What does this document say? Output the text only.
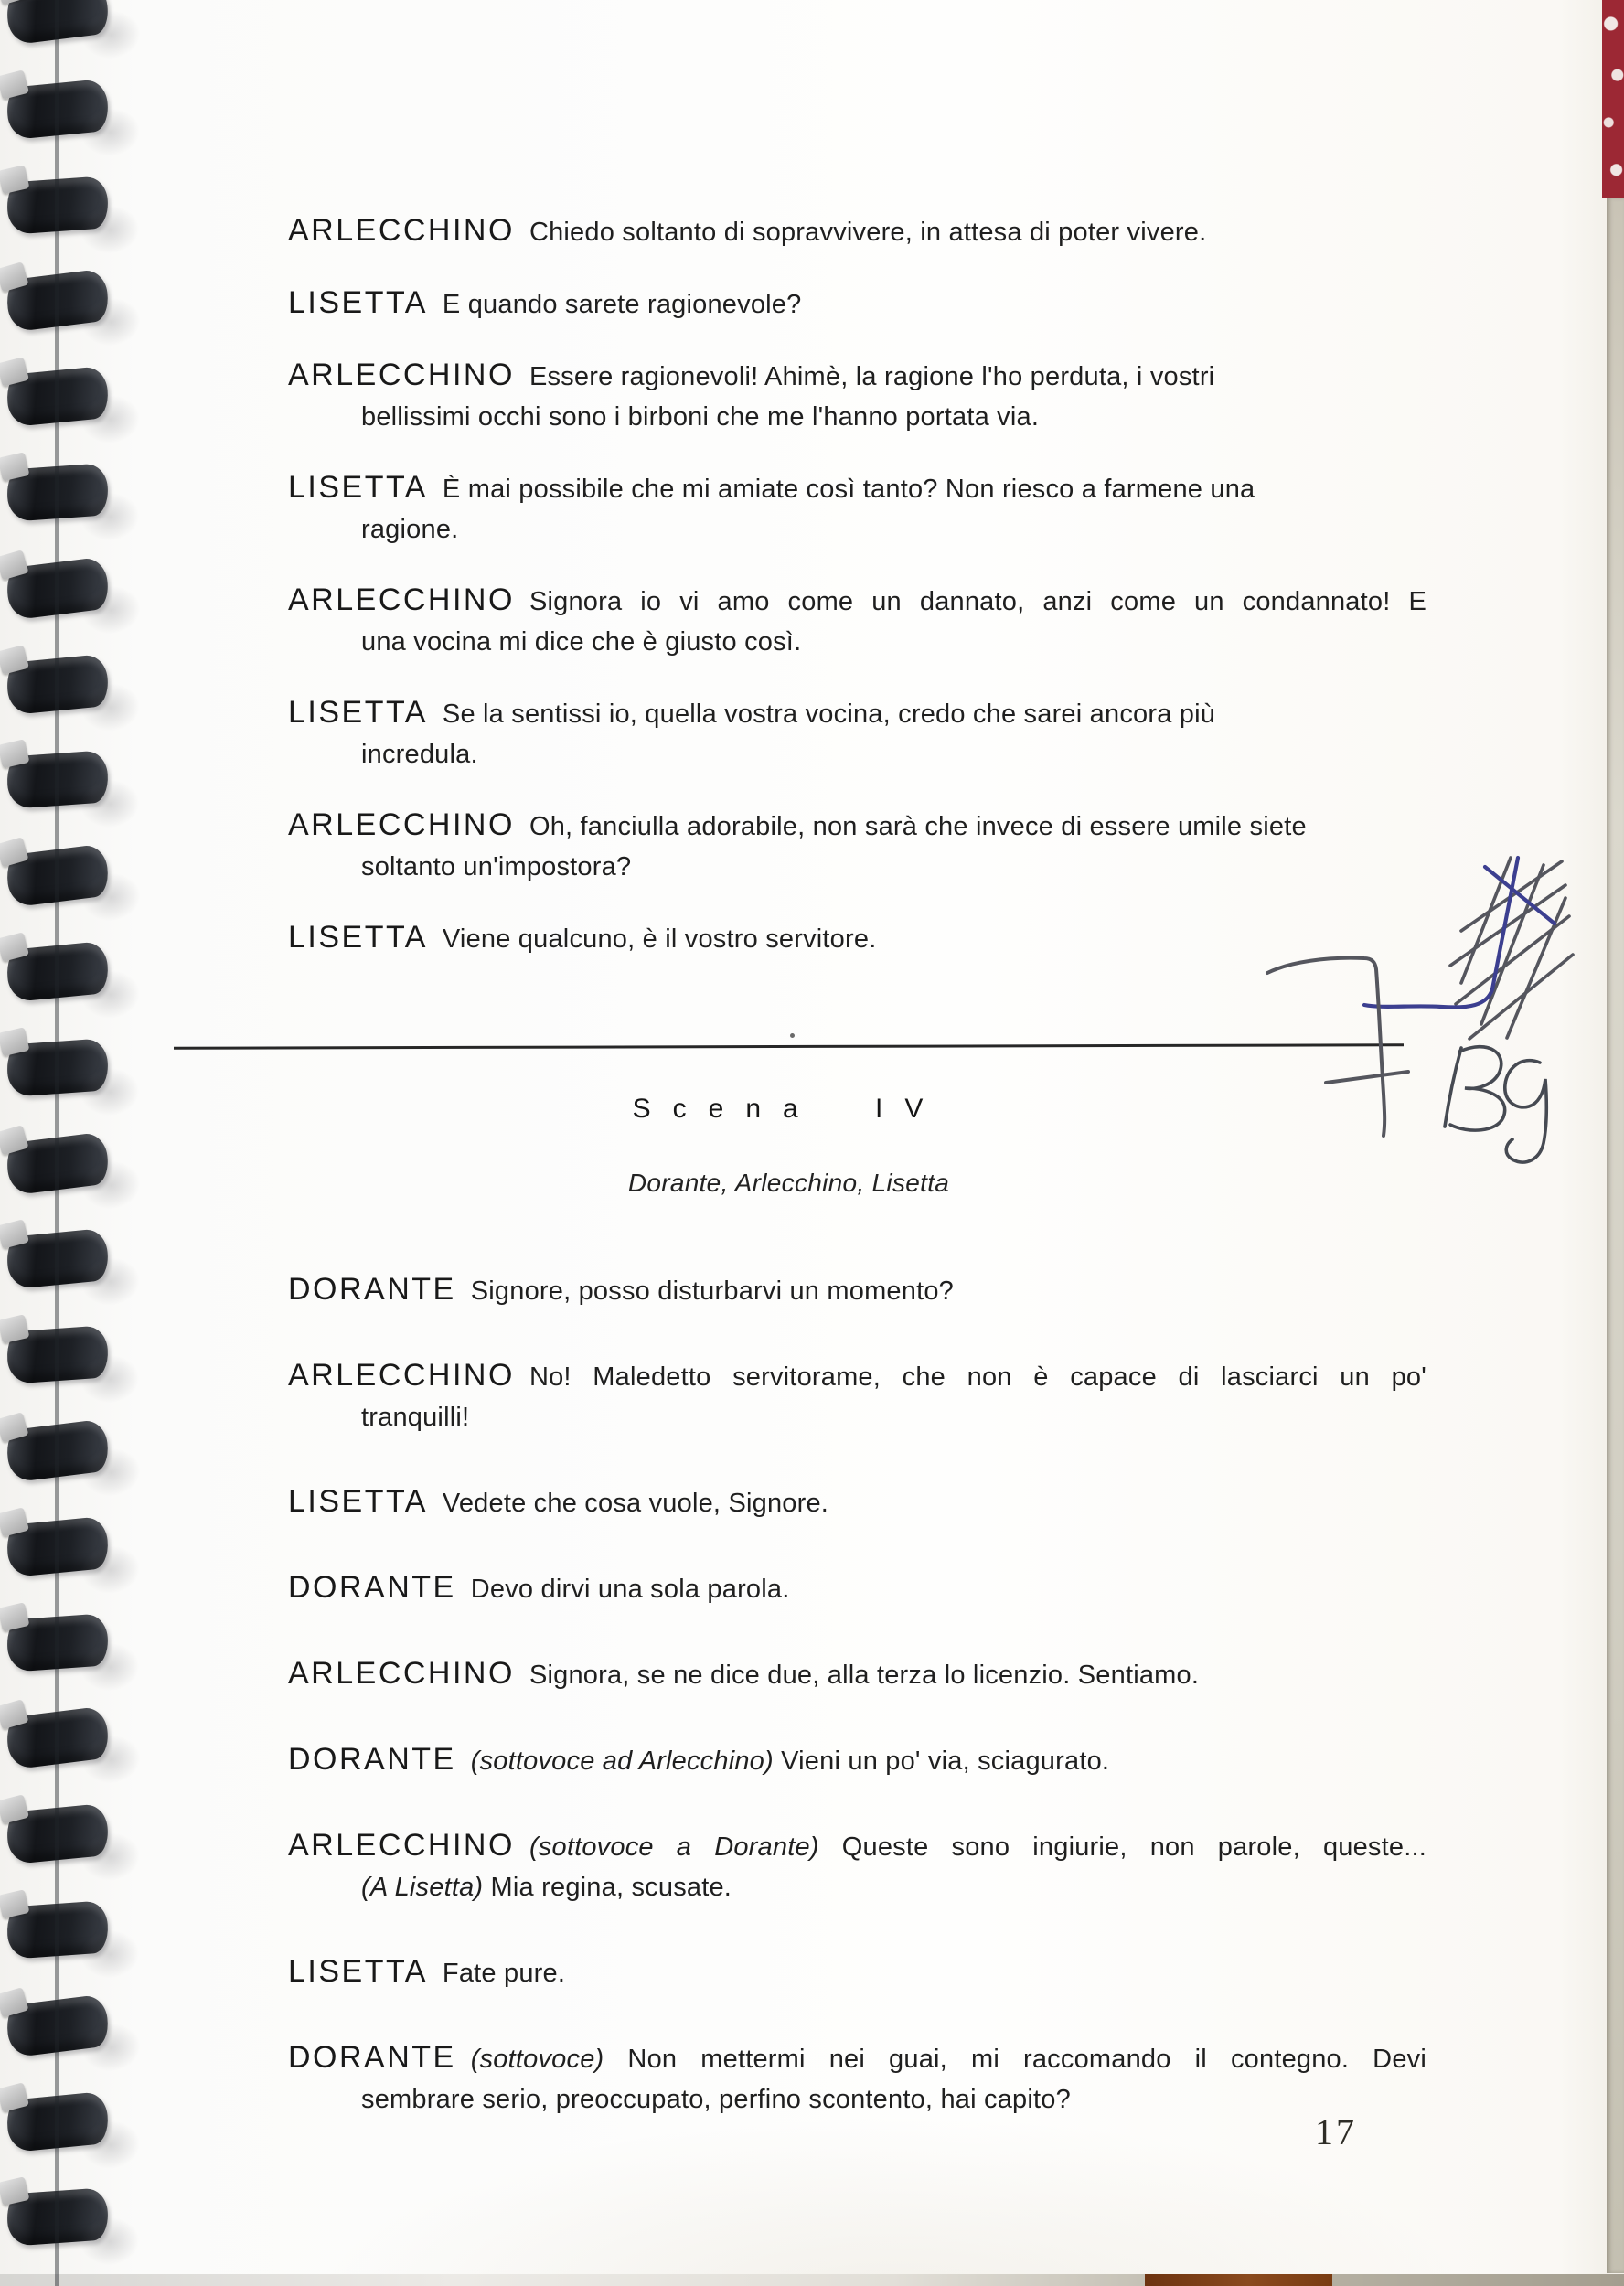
ARLECCHINO Chiedo soltanto di sopravvivere, in attesa di poter vivere.

LISETTA E quando sarete ragionevole?

ARLECCHINO Essere ragionevoli! Ahimè, la ragione l'ho perduta, i vostri
bellissimi occhi sono i birboni che me l'hanno portata via.

LISETTA È mai possibile che mi amiate così tanto? Non riesco a farmene una
ragione.

ARLECCHINO Signora io vi amo come un dannato, anzi come un condannato! E
una vocina mi dice che è giusto così.

LISETTA Se la sentissi io, quella vostra vocina, credo che sarei ancora più
incredula.

ARLECCHINO Oh, fanciulla adorabile, non sarà che invece di essere umile siete
soltanto un'impostora?

LISETTA Viene qualcuno, è il vostro servitore.

Scena IV

Dorante, Arlecchino, Lisetta

DORANTE Signore, posso disturbarvi un momento?

ARLECCHINO No! Maledetto servitorame, che non è capace di lasciarci un po'
tranquilli!

LISETTA Vedete che cosa vuole, Signore.

DORANTE Devo dirvi una sola parola.

ARLECCHINO Signora, se ne dice due, alla terza lo licenzio. Sentiamo.

DORANTE (sottovoce ad Arlecchino) Vieni un po' via, sciagurato.

ARLECCHINO (sottovoce a Dorante) Queste sono ingiurie, non parole, queste...
(A Lisetta) Mia regina, scusate.

LISETTA Fate pure.

DORANTE (sottovoce) Non mettermi nei guai, mi raccomando il contegno. Devi
sembrare serio, preoccupato, perfino scontento, hai capito?

17
